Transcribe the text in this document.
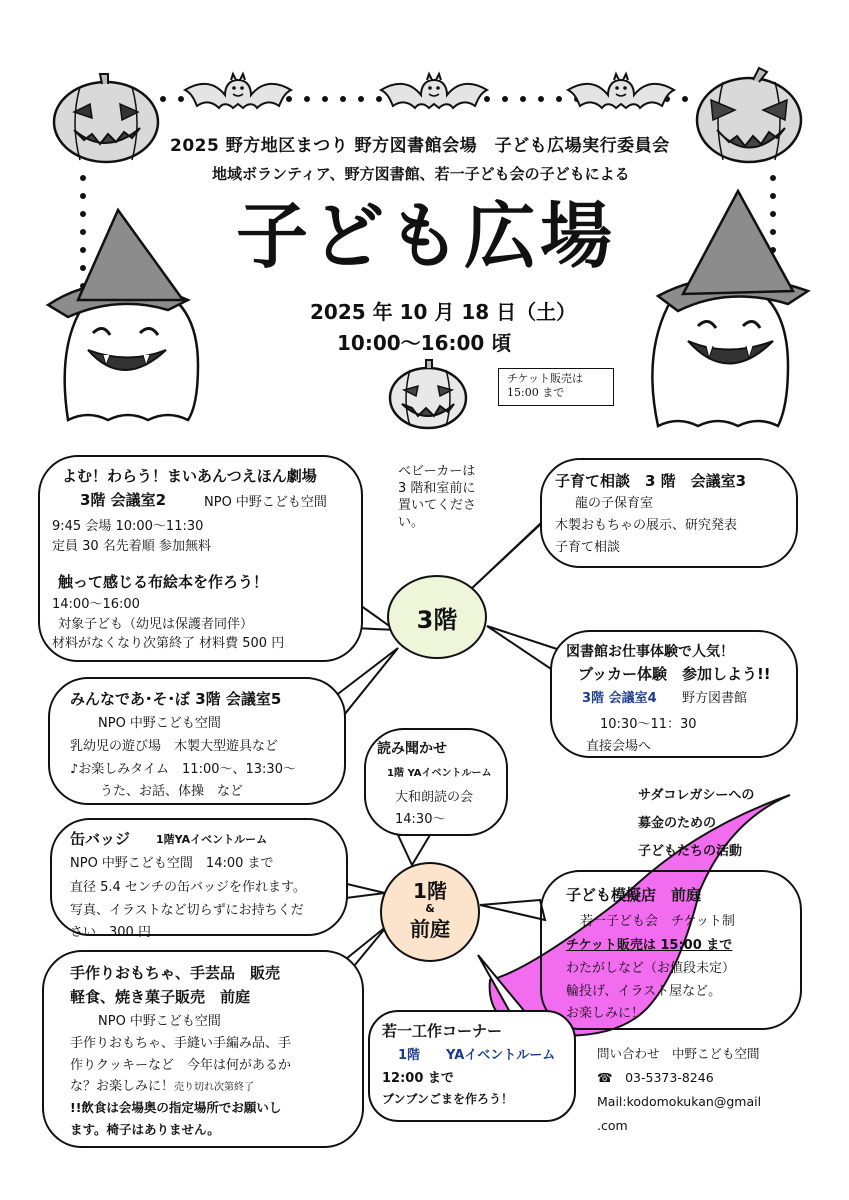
2025 野方地区まつり 野方図書館会場　子ども広場実行委員会
地域ボランティア、野方図書館、若一子ども会の子どもによる
子ども広場
2025 年 10 月 18 日（土）
10:00～16:00 頃
チケット販売は
15:00 まで
3階
1階
&
前庭
ベビーカーは
3 階和室前に
置いてくださ
い。
よむ！わらう！まいあんつえほん劇場
3階 会議室2	NPO 中野こども空間
9:45 会場 10:00～11:30
定員 30 名先着順 参加無料
触って感じる布絵本を作ろう！
14:00～16:00
対象子ども（幼児は保護者同伴）
材料がなくなり次第終了 材料費 500 円
子育て相談　3 階　会議室3
龍の子保育室
木製おもちゃの展示、研究発表
子育て相談
図書館お仕事体験で人気！
ブッカー体験　参加しよう!!
3階 会議室4 野方図書館
10:30～11：30
直接会場へ
みんなであ･そ･ぼ 3階 会議室5
NPO 中野こども空間
乳幼児の遊び場　木製大型遊具など
♪お楽しみタイム　11:00～、13:30～
うた、お話、体操　など
読み聞かせ
1階 YAイベントルーム
大和朗読の会
14:30～
缶バッジ 1階YAイベントルーム
NPO 中野こども空間　14:00 まで
直径 5.4 センチの缶バッジを作れます。
写真、イラストなど切らずにお持ちくだ
さい　300 円
子ども模擬店　前庭
若一子ども会　チケット制
チケット販売は 15:00 まで
わたがしなど（お値段未定）
輪投げ、イラスト屋など。
お楽しみに！
手作りおもちゃ、手芸品　販売
軽食、焼き菓子販売　前庭
NPO 中野こども空間
手作りおもちゃ、手縫い手編み品、手
作りクッキーなど　今年は何があるか
な？お楽しみに！売り切れ次第終了
!!飲食は会場奥の指定場所でお願いし
ます。椅子はありません。
若一工作コーナー
1階　　YAイベントルーム
12:00 まで
ブンブンごまを作ろう！
サダコレガシーへの
募金のための
子どもたちの活動
問い合わせ　中野こども空間
☎　 03-5373-8246
Mail:kodomokukan@gmail
.com
